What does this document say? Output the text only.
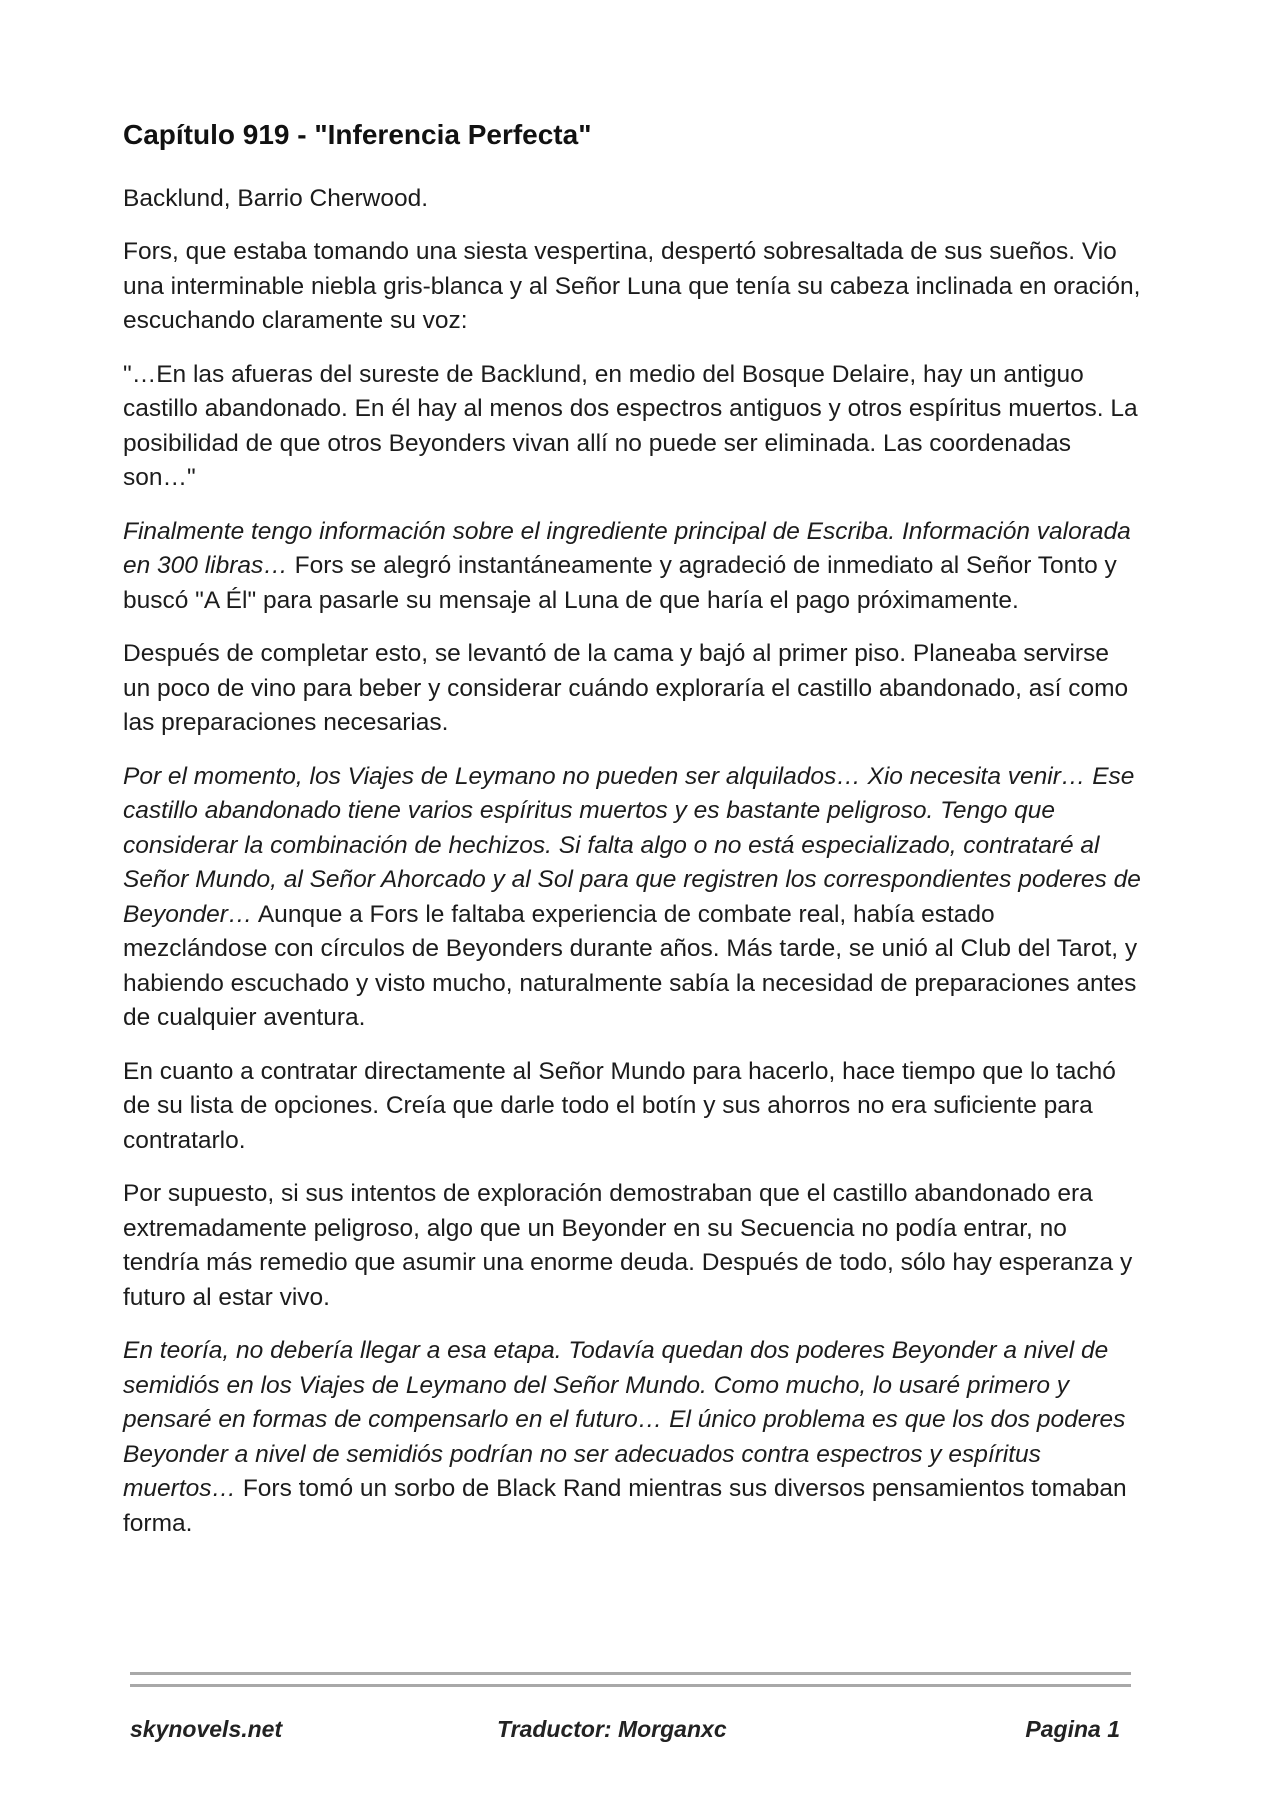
Capítulo 919 - "Inferencia Perfecta"

Backlund, Barrio Cherwood.

Fors, que estaba tomando una siesta vespertina, despertó sobresaltada de sus sueños. Vio una interminable niebla gris-blanca y al Señor Luna que tenía su cabeza inclinada en oración, escuchando claramente su voz:

"…En las afueras del sureste de Backlund, en medio del Bosque Delaire, hay un antiguo castillo abandonado. En él hay al menos dos espectros antiguos y otros espíritus muertos. La posibilidad de que otros Beyonders vivan allí no puede ser eliminada. Las coordenadas son…"

Finalmente tengo información sobre el ingrediente principal de Escriba. Información valorada en 300 libras… Fors se alegró instantáneamente y agradeció de inmediato al Señor Tonto y buscó "A Él" para pasarle su mensaje al Luna de que haría el pago próximamente.

Después de completar esto, se levantó de la cama y bajó al primer piso. Planeaba servirse un poco de vino para beber y considerar cuándo exploraría el castillo abandonado, así como las preparaciones necesarias.

Por el momento, los Viajes de Leymano no pueden ser alquilados… Xio necesita venir… Ese castillo abandonado tiene varios espíritus muertos y es bastante peligroso. Tengo que considerar la combinación de hechizos. Si falta algo o no está especializado, contrataré al Señor Mundo, al Señor Ahorcado y al Sol para que registren los correspondientes poderes de Beyonder… Aunque a Fors le faltaba experiencia de combate real, había estado mezclándose con círculos de Beyonders durante años. Más tarde, se unió al Club del Tarot, y habiendo escuchado y visto mucho, naturalmente sabía la necesidad de preparaciones antes de cualquier aventura.

En cuanto a contratar directamente al Señor Mundo para hacerlo, hace tiempo que lo tachó de su lista de opciones. Creía que darle todo el botín y sus ahorros no era suficiente para contratarlo.

Por supuesto, si sus intentos de exploración demostraban que el castillo abandonado era extremadamente peligroso, algo que un Beyonder en su Secuencia no podía entrar, no tendría más remedio que asumir una enorme deuda. Después de todo, sólo hay esperanza y futuro al estar vivo.

En teoría, no debería llegar a esa etapa. Todavía quedan dos poderes Beyonder a nivel de semidiós en los Viajes de Leymano del Señor Mundo. Como mucho, lo usaré primero y pensaré en formas de compensarlo en el futuro… El único problema es que los dos poderes Beyonder a nivel de semidiós podrían no ser adecuados contra espectros y espíritus muertos… Fors tomó un sorbo de Black Rand mientras sus diversos pensamientos tomaban forma.

skynovels.net	Traductor: Morganxc	Pagina 1
